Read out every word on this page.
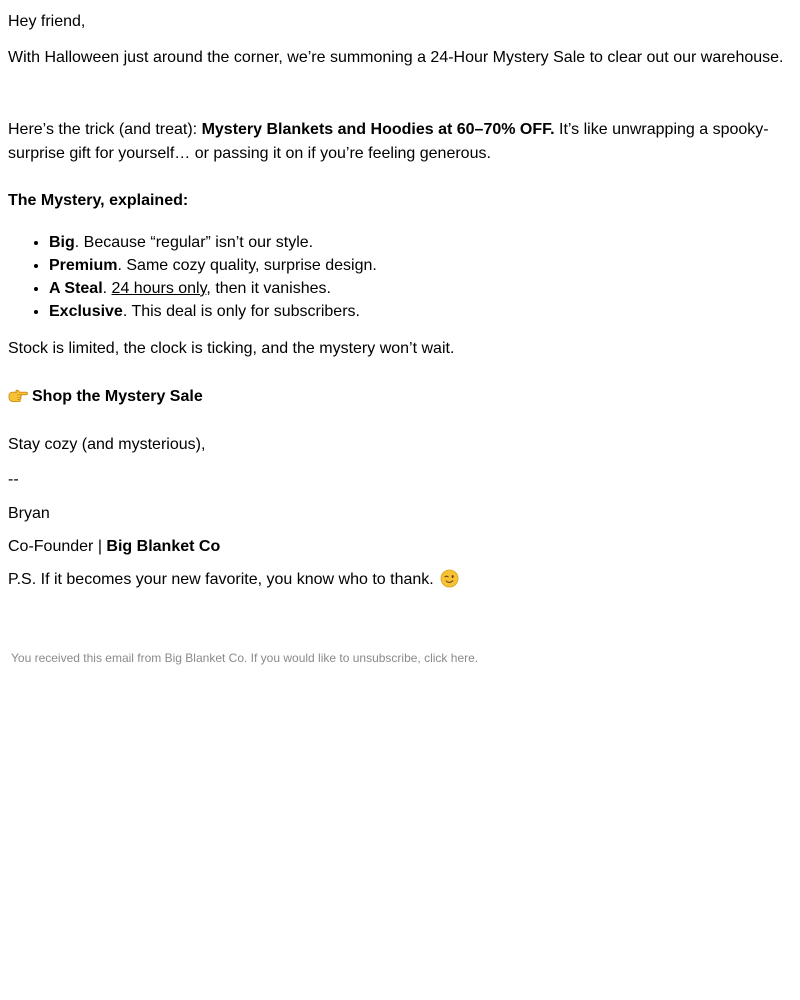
Hey friend,

With Halloween just around the corner, we’re summoning a 24-Hour Mystery Sale to clear out our warehouse.

Here’s the trick (and treat): Mystery Blankets and Hoodies at 60–70% OFF. It’s like unwrapping a spooky-surprise gift for yourself… or passing it on if you’re feeling generous.

The Mystery, explained:

• Big. Because “regular” isn’t our style.
• Premium. Same cozy quality, surprise design.
• A Steal. 24 hours only, then it vanishes.
• Exclusive. This deal is only for subscribers.

Stock is limited, the clock is ticking, and the mystery won’t wait.

Shop the Mystery Sale

Stay cozy (and mysterious),

--

Bryan

Co-Founder | Big Blanket Co

P.S. If it becomes your new favorite, you know who to thank.

You received this email from Big Blanket Co. If you would like to unsubscribe, click here.
